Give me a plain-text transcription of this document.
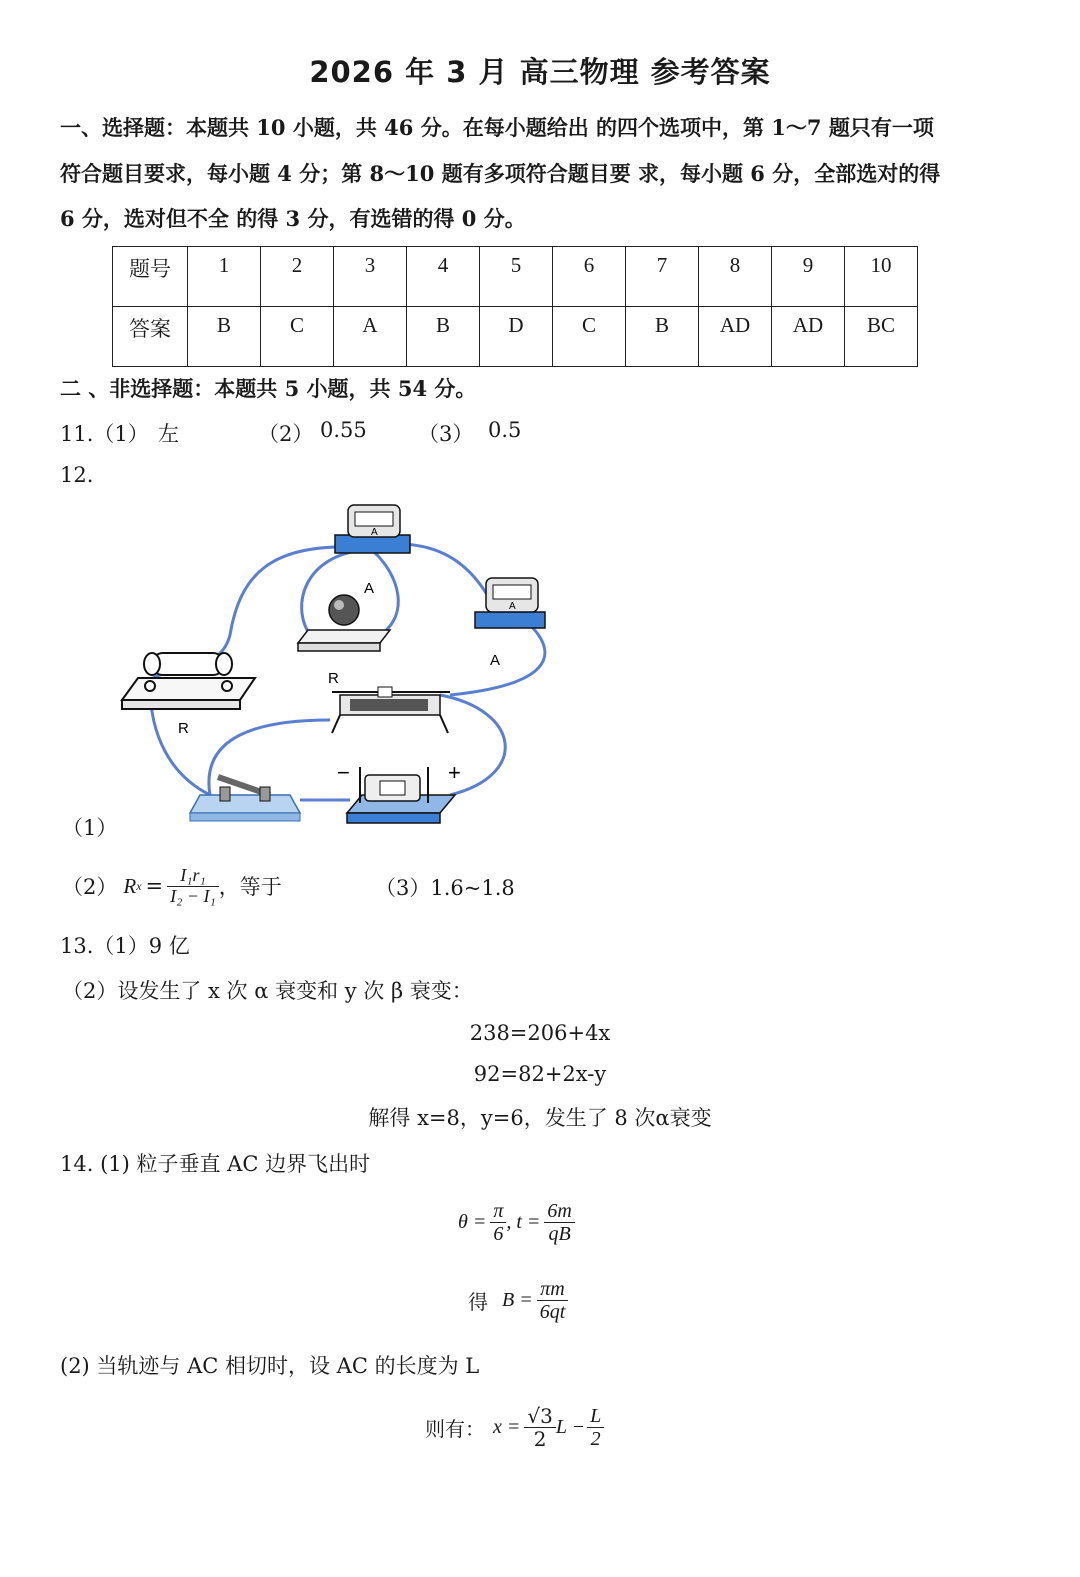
2026 年 3 月 高三物理 参考答案
一、选择题：本题共 10 小题，共 46 分。在每小题给出 的四个选项中，第 1～7 题只有一项
符合题目要求，每小题 4 分；第 8～10 题有多项符合题目要 求，每小题 6 分，全部选对的得
6 分，选对但不全 的得 3 分，有选错的得 0 分。
题号	1	2	3	4	5	6	7	8	9	10
答案	B	C	A	B	D	C	B	AD	AD	BC
二 、非选择题：本题共 5 小题，共 54 分。
11.（1） 左	（2） 0.55 （3） 0.5
12.
A
A
A
A
R
R
−	+
（1）
（2） R $x = \frac{\text{I₁r₁}}{\text{I₂ − I₁}}$ ，等于	（3）1.6~1.8
13.（1）9 亿
（2）设发生了 x 次 α 衰变和 y 次 β 衰变：
238=206+4x
92=82+2x-y
解得 x=8，y=6，发生了 8 次α衰变
14. (1) 粒子垂直 AC 边界飞出时
$\theta = \frac{\pi}{6}$ , $t = \frac{6m}{qB}$
得 $B = \frac{\pi m}{6qt}$
(2) 当轨迹与 AC 相切时，设 AC 的长度为 L
则有： $x = \frac{√3}{2}$ $L - \frac{L}{2}$
